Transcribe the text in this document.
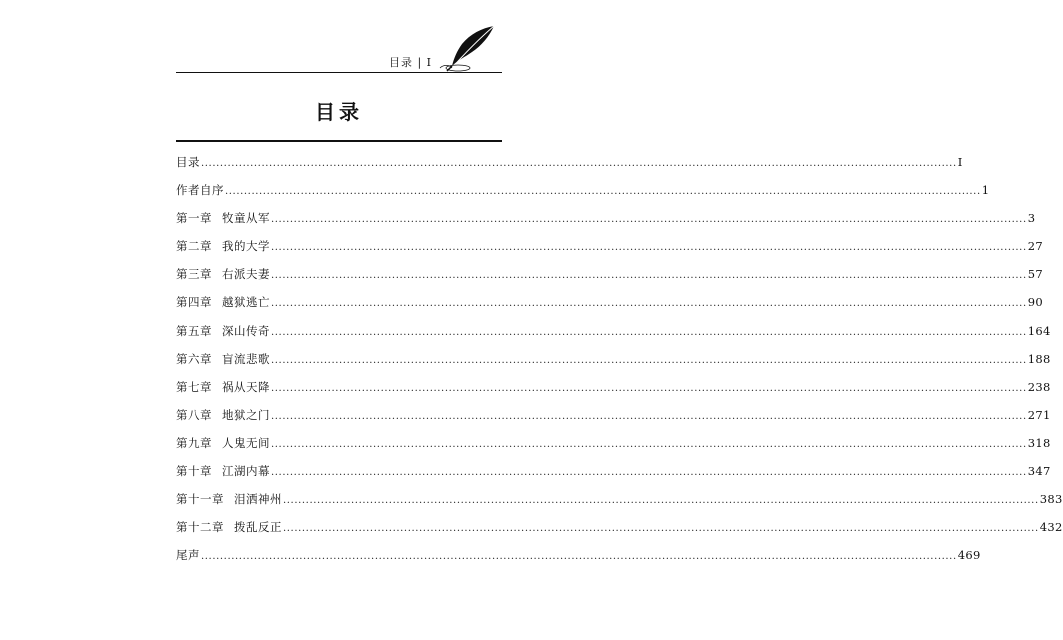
目录 | I
目录
目录 ........................................................................................................................................................................................................ I
作者自序 ........................................................................................................................................................................................................ 1
第一章 牧童从军 ........................................................................................................................................................................................................ 3
第二章 我的大学 ........................................................................................................................................................................................................ 27
第三章 右派夫妻 ........................................................................................................................................................................................................ 57
第四章 越狱逃亡 ........................................................................................................................................................................................................ 90
第五章 深山传奇 ........................................................................................................................................................................................................ 164
第六章 盲流悲歌 ........................................................................................................................................................................................................ 188
第七章 祸从天降 ........................................................................................................................................................................................................ 238
第八章 地狱之门 ........................................................................................................................................................................................................ 271
第九章 人鬼无间 ........................................................................................................................................................................................................ 318
第十章 江湖内幕 ........................................................................................................................................................................................................ 347
第十一章 泪洒神州 ........................................................................................................................................................................................................ 383
第十二章 拨乱反正 ........................................................................................................................................................................................................ 432
尾声 ........................................................................................................................................................................................................ 469
